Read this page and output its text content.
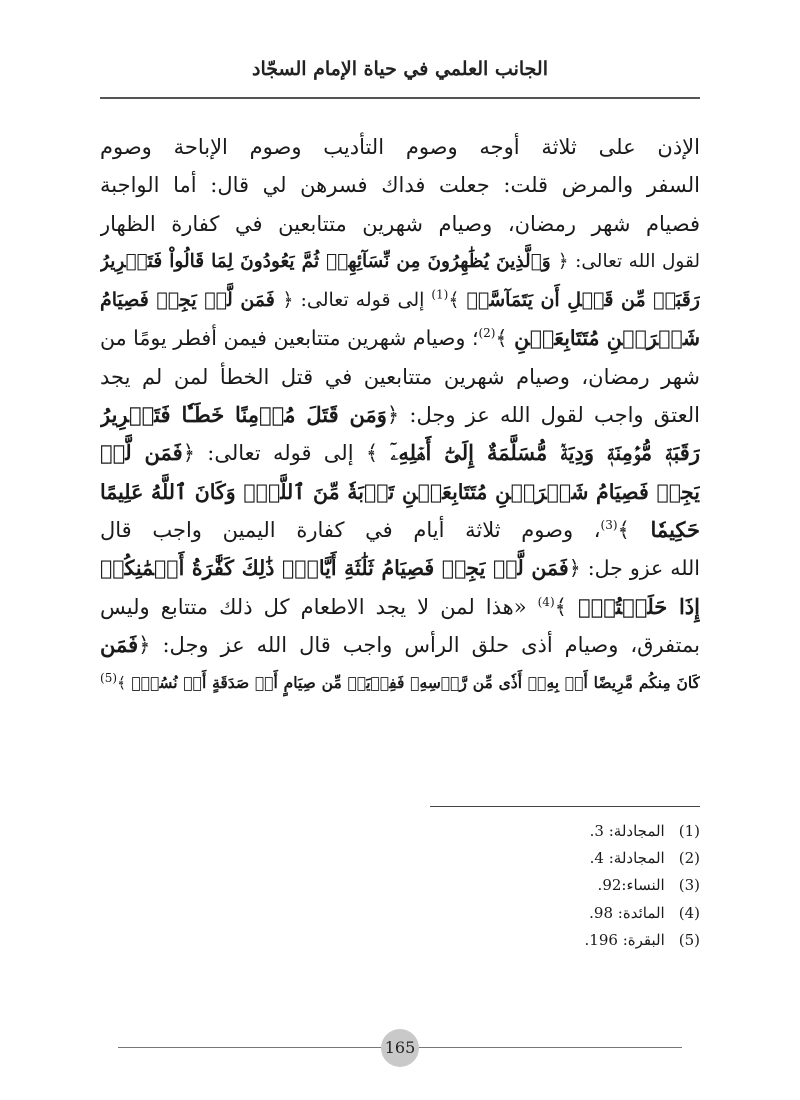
الجانب العلمي في حياة الإمام السجّاد
الإذن على ثلاثة أوجه وصوم التأديب وصوم الإباحة وصوم
السفر والمرض قلت: جعلت فداك فسرهن لي قال: أما الواجبة
فصيام شهر رمضان، وصيام شهرين متتابعين في كفارة الظهار
لقول الله تعالى: ﴿ وَٱلَّذِينَ يُظَٰهِرُونَ مِن نِّسَآئِهِمۡ ثُمَّ يَعُودُونَ لِمَا قَالُواْ فَتَحۡرِيرُ
رَقَبَةٖ مِّن قَبۡلِ أَن يَتَمَآسَّاۚ ﴾$^{(1)}$ إلى قوله تعالى: ﴿ فَمَن لَّمۡ يَجِدۡ فَصِيَامُ
شَهۡرَيۡنِ مُتَتَابِعَيۡنِ ﴾$^{(2)}$؛ وصيام شهرين متتابعين فيمن أفطر يومًا من
شهر رمضان، وصيام شهرين متتابعين في قتل الخطأ لمن لم يجد
العتق واجب لقول الله عز وجل: ﴿وَمَن قَتَلَ مُؤۡمِنًا خَطَـٔٗا فَتَحۡرِيرُ
رَقَبَةٖ مُّؤۡمِنَةٖ وَدِيَةٞ مُّسَلَّمَةٌ إِلَىٰٓ أَهۡلِهِۦٓ ﴾ إلى قوله تعالى: ﴿فَمَن لَّمۡ
يَجِدۡ فَصِيَامُ شَهۡرَيۡنِ مُتَتَابِعَيۡنِ تَوۡبَةٗ مِّنَ ٱللَّهِۗ وَكَانَ ٱللَّهُ عَلِيمًا
حَكِيمٗا ﴾$^{(3)}$، وصوم ثلاثة أيام في كفارة اليمين واجب قال
الله عزو جل: ﴿فَمَن لَّمۡ يَجِدۡ فَصِيَامُ ثَلَٰثَةِ أَيَّامٖۚ ذَٰلِكَ كَفَّٰرَةُ أَيۡمَٰنِكُمۡ
إِذَا حَلَفۡتُمۡۚ ﴾$^{(4)}$ «هذا لمن لا يجد الاطعام كل ذلك متتابع وليس
بمتفرق، وصيام أذى حلق الرأس واجب قال الله عز وجل: ﴿فَمَن
كَانَ مِنكُم مَّرِيضًا أَوۡ بِهِۦٓ أَذٗى مِّن رَّأۡسِهِۦ فَفِدۡيَةٞ مِّن صِيَامٍ أَوۡ صَدَقَةٍ أَوۡ نُسُكٖۚ ﴾$^{(5)}$
(1)المجادلة: 3.
(2)المجادلة: 4.
(3)النساء:92.
(4)المائدة: 98.
(5)البقرة: 196.
165
